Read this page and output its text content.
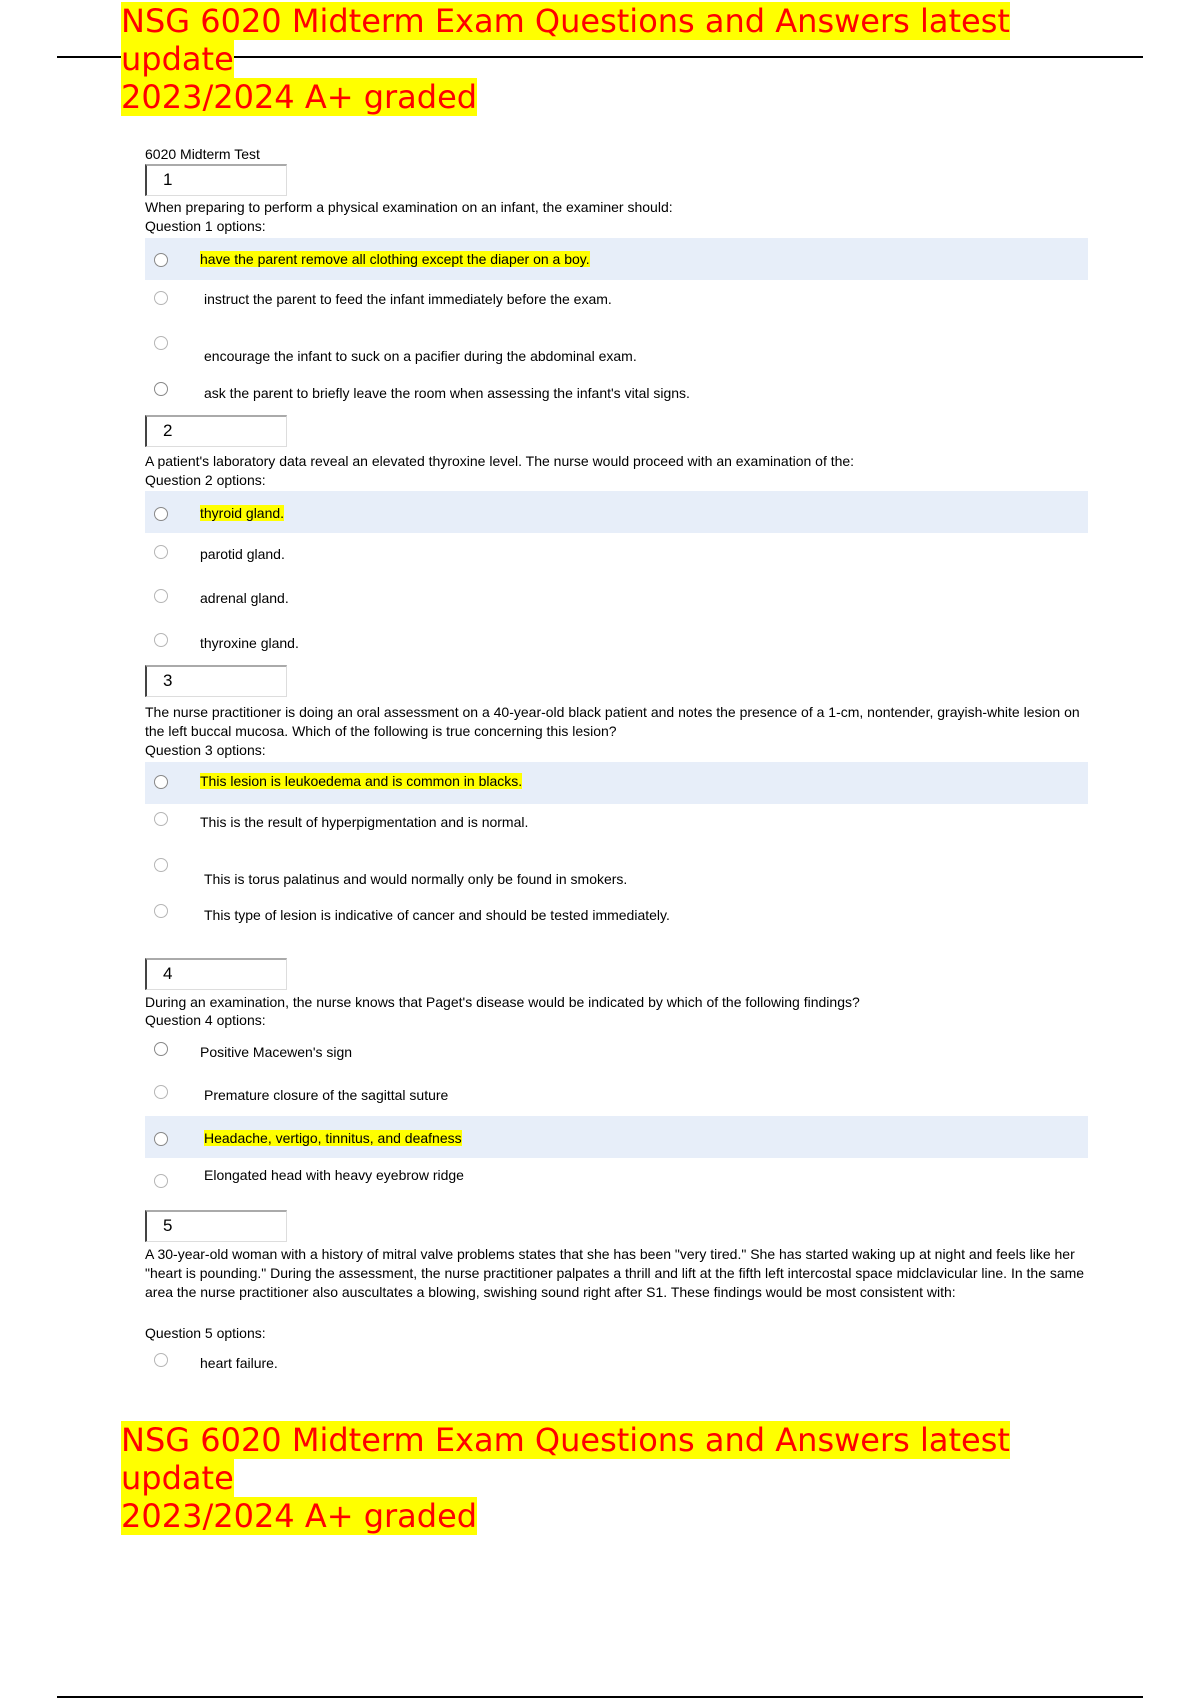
NSG 6020 Midterm Exam Questions and Answers latest update
2023/2024 A+ graded
6020 Midterm Test
1
When preparing to perform a physical examination on an infant, the examiner should:
Question 1 options:
have the parent remove all clothing except the diaper on a boy.
instruct the parent to feed the infant immediately before the exam.
encourage the infant to suck on a pacifier during the abdominal exam.
ask the parent to briefly leave the room when assessing the infant's vital signs.
2
A patient's laboratory data reveal an elevated thyroxine level. The nurse would proceed with an examination of the:
Question 2 options:
thyroid gland.
parotid gland.
adrenal gland.
thyroxine gland.
3
The nurse practitioner is doing an oral assessment on a 40-year-old black patient and notes the presence of a 1-cm, nontender, grayish-white lesion on the left buccal mucosa. Which of the following is true concerning this lesion?
Question 3 options:
This lesion is leukoedema and is common in blacks.
This is the result of hyperpigmentation and is normal.
This is torus palatinus and would normally only be found in smokers.
This type of lesion is indicative of cancer and should be tested immediately.
4
During an examination, the nurse knows that Paget's disease would be indicated by which of the following findings?
Question 4 options:
Positive Macewen's sign
Premature closure of the sagittal suture
Headache, vertigo, tinnitus, and deafness
Elongated head with heavy eyebrow ridge
5
A 30-year-old woman with a history of mitral valve problems states that she has been "very tired." She has started waking up at night and feels like her "heart is pounding." During the assessment, the nurse practitioner palpates a thrill and lift at the fifth left intercostal space midclavicular line. In the same area the nurse practitioner also auscultates a blowing, swishing sound right after S1. These findings would be most consistent with:
Question 5 options:
heart failure.
NSG 6020 Midterm Exam Questions and Answers latest update
2023/2024 A+ graded
